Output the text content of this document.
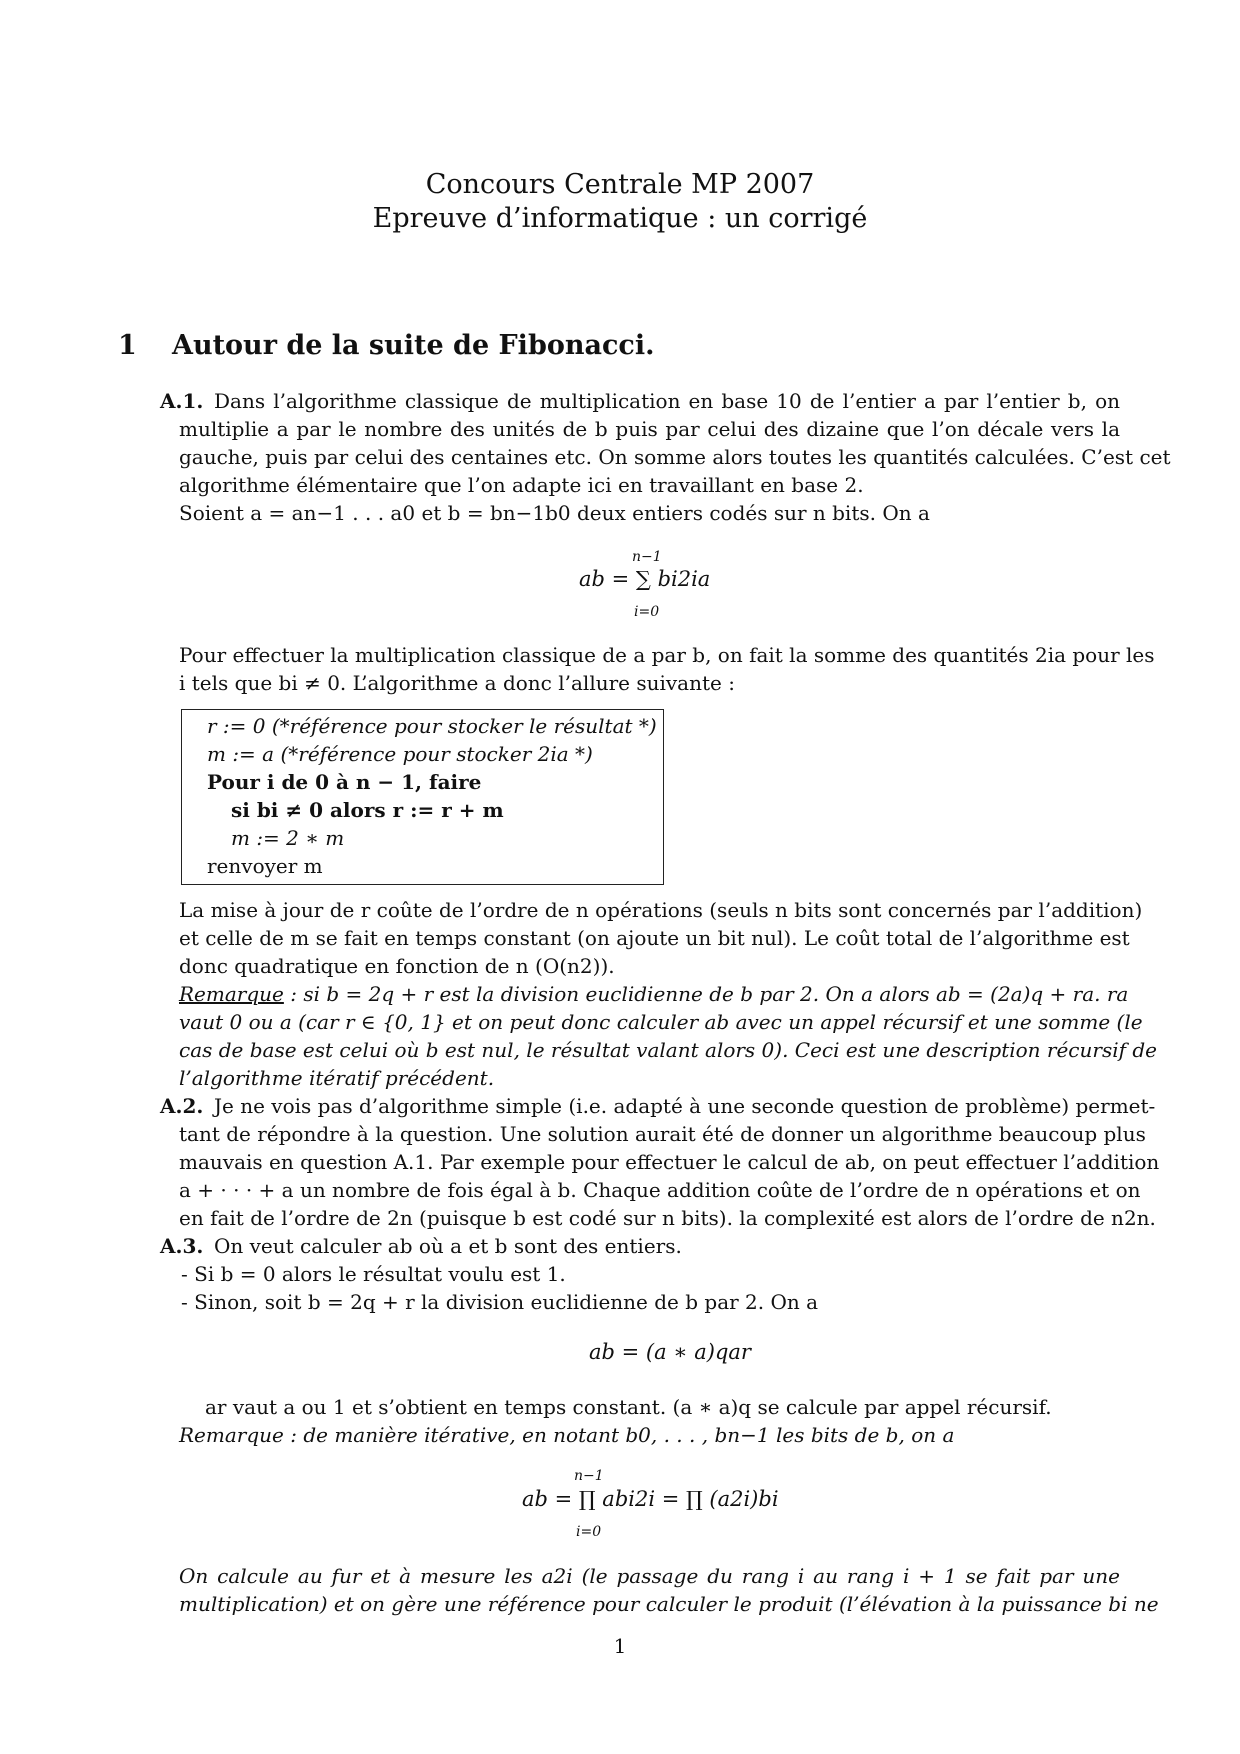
Concours Centrale MP 2007
Epreuve d’informatique : un corrigé
1 Autour de la suite de Fibonacci.
A.1. Dans l’algorithme classique de multiplication en base 10 de l’entier a par l’entier b, on
multiplie a par le nombre des unités de b puis par celui des dizaine que l’on décale vers la
gauche, puis par celui des centaines etc. On somme alors toutes les quantités calculées. C’est cet
algorithme élémentaire que l’on adapte ici en travaillant en base 2.
Soient a = an−1 . . . a0 et b = bn−1b0 deux entiers codés sur n bits. On a
n−1
ab = ∑ bi2ia
i=0
Pour effectuer la multiplication classique de a par b, on fait la somme des quantités 2ia pour les
i tels que bi ≠ 0. L’algorithme a donc l’allure suivante :
r := 0 (*référence pour stocker le résultat *)
m := a (*référence pour stocker 2ia *)
Pour i de 0 à n − 1, faire
si bi ≠ 0 alors r := r + m
m := 2 ∗ m
renvoyer m
La mise à jour de r coûte de l’ordre de n opérations (seuls n bits sont concernés par l’addition)
et celle de m se fait en temps constant (on ajoute un bit nul). Le coût total de l’algorithme est
donc quadratique en fonction de n (O(n2)).
Remarque : si b = 2q + r est la division euclidienne de b par 2. On a alors ab = (2a)q + ra. ra
vaut 0 ou a (car r ∈ {0, 1} et on peut donc calculer ab avec un appel récursif et une somme (le
cas de base est celui où b est nul, le résultat valant alors 0). Ceci est une description récursif de
l’algorithme itératif précédent.
A.2. Je ne vois pas d’algorithme simple (i.e. adapté à une seconde question de problème) permet-
tant de répondre à la question. Une solution aurait été de donner un algorithme beaucoup plus
mauvais en question A.1. Par exemple pour effectuer le calcul de ab, on peut effectuer l’addition
a + · · · + a un nombre de fois égal à b. Chaque addition coûte de l’ordre de n opérations et on
en fait de l’ordre de 2n (puisque b est codé sur n bits). la complexité est alors de l’ordre de n2n.
A.3. On veut calculer ab où a et b sont des entiers.
- Si b = 0 alors le résultat voulu est 1.
- Sinon, soit b = 2q + r la division euclidienne de b par 2. On a
ab = (a ∗ a)qar
ar vaut a ou 1 et s’obtient en temps constant. (a ∗ a)q se calcule par appel récursif.
Remarque : de manière itérative, en notant b0, . . . , bn−1 les bits de b, on a
n−1
ab = ∏ abi2i = ∏ (a2i)bi
i=0
On calcule au fur et à mesure les a2i (le passage du rang i au rang i + 1 se fait par une
multiplication) et on gère une référence pour calculer le produit (l’élévation à la puissance bi ne
1
